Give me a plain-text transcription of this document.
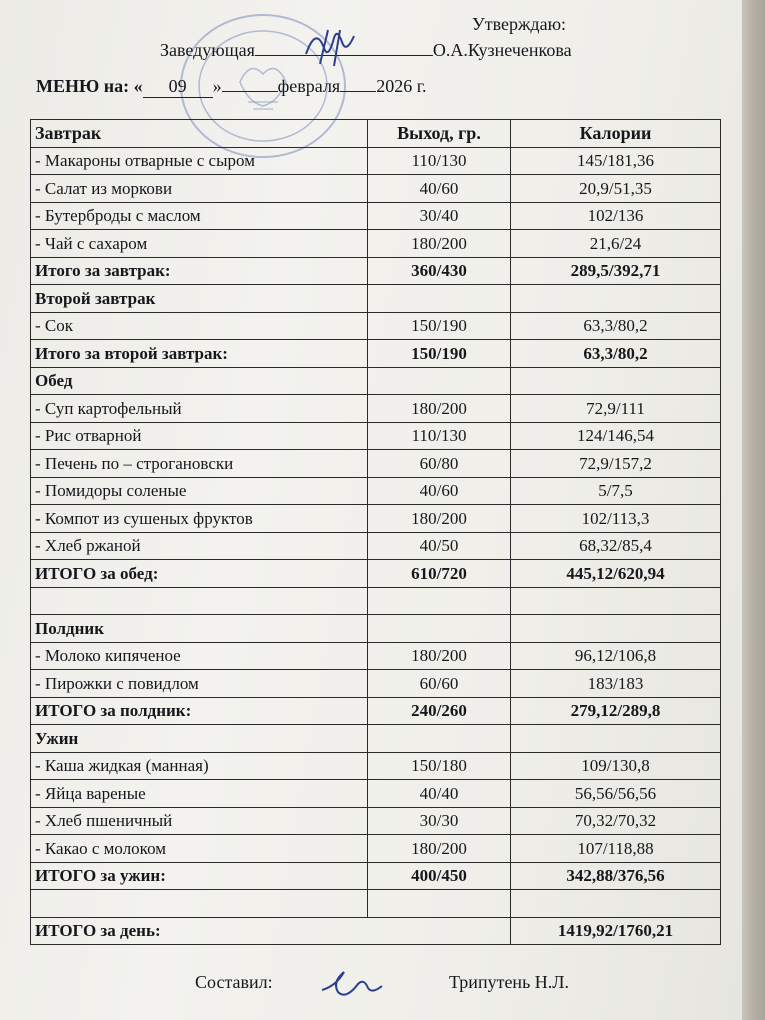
Утверждаю:
Заведующая	О.А.Кузнеченкова
МЕНЮ на: « 09 »	февраля 2026 г.
Завтрак	Выход, гр.	Калории
- Макароны отварные с сыром	110/130	145/181,36
- Салат из моркови	40/60	20,9/51,35
- Бутерброды с маслом	30/40	102/136
- Чай с сахаром	180/200	21,6/24
Итого за завтрак:	360/430	289,5/392,71
Второй завтрак		
- Сок	150/190	63,3/80,2
Итого за второй завтрак:	150/190	63,3/80,2
Обед		
- Суп картофельный	180/200	72,9/111
- Рис отварной	110/130	124/146,54
- Печень по – строгановски	60/80	72,9/157,2
- Помидоры соленые	40/60	5/7,5
- Компот из сушеных фруктов	180/200	102/113,3
- Хлеб ржаной	40/50	68,32/85,4
ИТОГО за обед:	610/720	445,12/620,94

Полдник		
- Молоко кипяченое	180/200	96,12/106,8
- Пирожки с повидлом	60/60	183/183
ИТОГО за полдник:	240/260	279,12/289,8
Ужин		
- Каша жидкая (манная)	150/180	109/130,8
- Яйца вареные	40/40	56,56/56,56
- Хлеб пшеничный	30/30	70,32/70,32
- Какао с молоком	180/200	107/118,88
ИТОГО за ужин:	400/450	342,88/376,56

ИТОГО за день:		1419,92/1760,21
Составил:	Трипутень Н.Л.
